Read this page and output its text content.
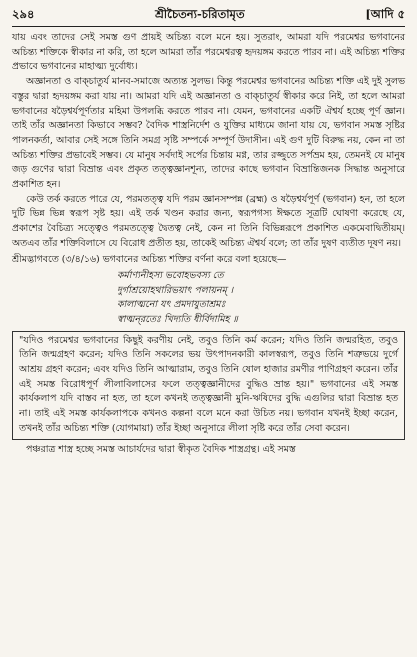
২৯৪	শ্রীচৈতন্য-চরিতামৃত	[আদি ৫

যায় এবং তাদের সেই সমস্ত গুণ প্রায়ই অচিন্ত্য বলে মনে হয়। সুতরাং, আমরা যদি পরমেশ্বর ভগবানের অচিন্ত্য শক্তিকে স্বীকার না করি, তা হলে আমরা তাঁর পরমেশ্বরত্ব হৃদয়ঙ্গম করতে পারব না। এই অচিন্ত্য শক্তির প্রভাবে ভগবানের মাহাত্ম্য দুর্বোধ্য।

অজ্ঞানতা ও বাক্চাতুর্য মানব-সমাজে অত্যন্ত সুলভ। কিন্তু পরমেশ্বর ভগবানের অচিন্ত্য শক্তি এই দুই সুলভ বস্তুর দ্বারা হৃদয়ঙ্গম করা যায় না। আমরা যদি এই অজ্ঞানতা ও বাক্চাতুর্য স্বীকার করে নিই, তা হলে আমরা ভগবানের ষড়ৈশ্বর্যপূর্ণতার মহিমা উপলব্ধি করতে পারব না। যেমন, ভগবানের একটি ঐশ্বর্য হচ্ছে পূর্ণ জ্ঞান। তাই তাঁর অজ্ঞানতা কিভাবে সম্ভব? বৈদিক শাস্ত্রনির্দেশ ও যুক্তির মাধ্যমে জানা যায় যে, ভগবান সমস্ত সৃষ্টির পালনকর্তা, আবার সেই সঙ্গে তিনি সমগ্র সৃষ্টি সম্পর্কে সম্পূর্ণ উদাসীন। এই গুণ দুটি বিরুদ্ধ নয়, কেন না তা অচিন্ত্য শক্তির প্রভাবেই সম্ভব। যে মানুষ সর্বদাই সর্পের চিন্তায় মগ্ন, তার রজ্জুতে সর্পভ্রম হয়, তেমনই যে মানুষ জড় গুণের দ্বারা বিভ্রান্ত এবং প্রকৃত তত্ত্বজ্ঞানশূন্য, তাদের কাছে ভগবান বিভ্রান্তিজনক সিদ্ধান্ত অনুসারে প্রকাশিত হন।

কেউ তর্ক করতে পারে যে, পরমতত্ত্ব যদি পরম জ্ঞানসম্পন্ন (ব্রহ্ম) ও ষড়ৈশ্বর্যপূর্ণ (ভগবান) হন, তা হলে দুটি ভিন্ন ভিন্ন স্বরূপ সৃষ্ট হয়। এই তর্ক খণ্ডন করার জন্য, স্বরূপগস্য ঈক্ষতে সূত্রটি ঘোষণা করেছে যে, প্রকাশের বৈচিত্র্য সত্ত্বেও পরমতত্ত্বে দ্বৈতত্ব নেই, কেন না তিনি বিভিন্নরূপে প্রকাশিত একমেবাদ্বিতীয়ম্। অতএব তাঁর শক্তিবিলাসে যে বিরোধ প্রতীত হয়, তাকেই অচিন্ত্য ঐশ্বর্য বলে; তা তাঁর দুষণ ব্যতীত দূষণ নয়।

শ্রীমদ্ভাগবতে (৩/৪/১৬) ভগবানের অচিন্ত্য শক্তির বর্ণনা করে বলা হয়েছে—

কর্মাণ্যনীহস্য ভবোহভবস্য তে
দুর্গাশ্রয়োহথারিভয়াৎ পলায়নম্ ।
কালাত্মনো যৎ প্রমদাযুতাশ্রমঃ
স্বাত্মন্‌রতেঃ খিদ্যতি ধীর্বিদামিহ ॥

"যদিও পরমেশ্বর ভগবানের কিছুই করণীয় নেই, তবুও তিনি কর্ম করেন; যদিও তিনি জন্মরহিত, তবুও তিনি জন্মগ্রহণ করেন; যদিও তিনি সকলের ভয় উৎপাদনকারী কালস্বরূপ, তবুও তিনি শত্রুভয়ে দুর্গে আশ্রয় গ্রহণ করেন; এবং যদিও তিনি আত্মারাম, তবুও তিনি ষোল হাজার রমণীর পাণিগ্রহণ করেন। তাঁর এই সমস্ত বিরোধপূর্ণ লীলাবিলাসের ফলে তত্ত্বজ্ঞানীদের বুদ্ধিও ভ্রান্ত হয়।" ভগবানের এই সমস্ত কার্যকলাপ যদি বাস্তব না হত, তা হলে কখনই তত্ত্বজ্ঞানী মুনি-ঋষিদের বুদ্ধি এগুলির দ্বারা বিভ্রান্ত হত না। তাই এই সমস্ত কার্যকলাপকে কখনও কল্পনা বলে মনে করা উচিত নয়। ভগবান যখনই ইচ্ছা করেন, তখনই তাঁর অচিন্ত্য শক্তি (যোগমায়া) তাঁর ইচ্ছা অনুসারে লীলা সৃষ্টি করে তাঁর সেবা করেন।

পঞ্চরাত্র শাস্ত্র হচ্ছে সমস্ত আচার্যদের দ্বারা স্বীকৃত বৈদিক শাস্ত্রগ্রন্থ। এই সমস্ত
